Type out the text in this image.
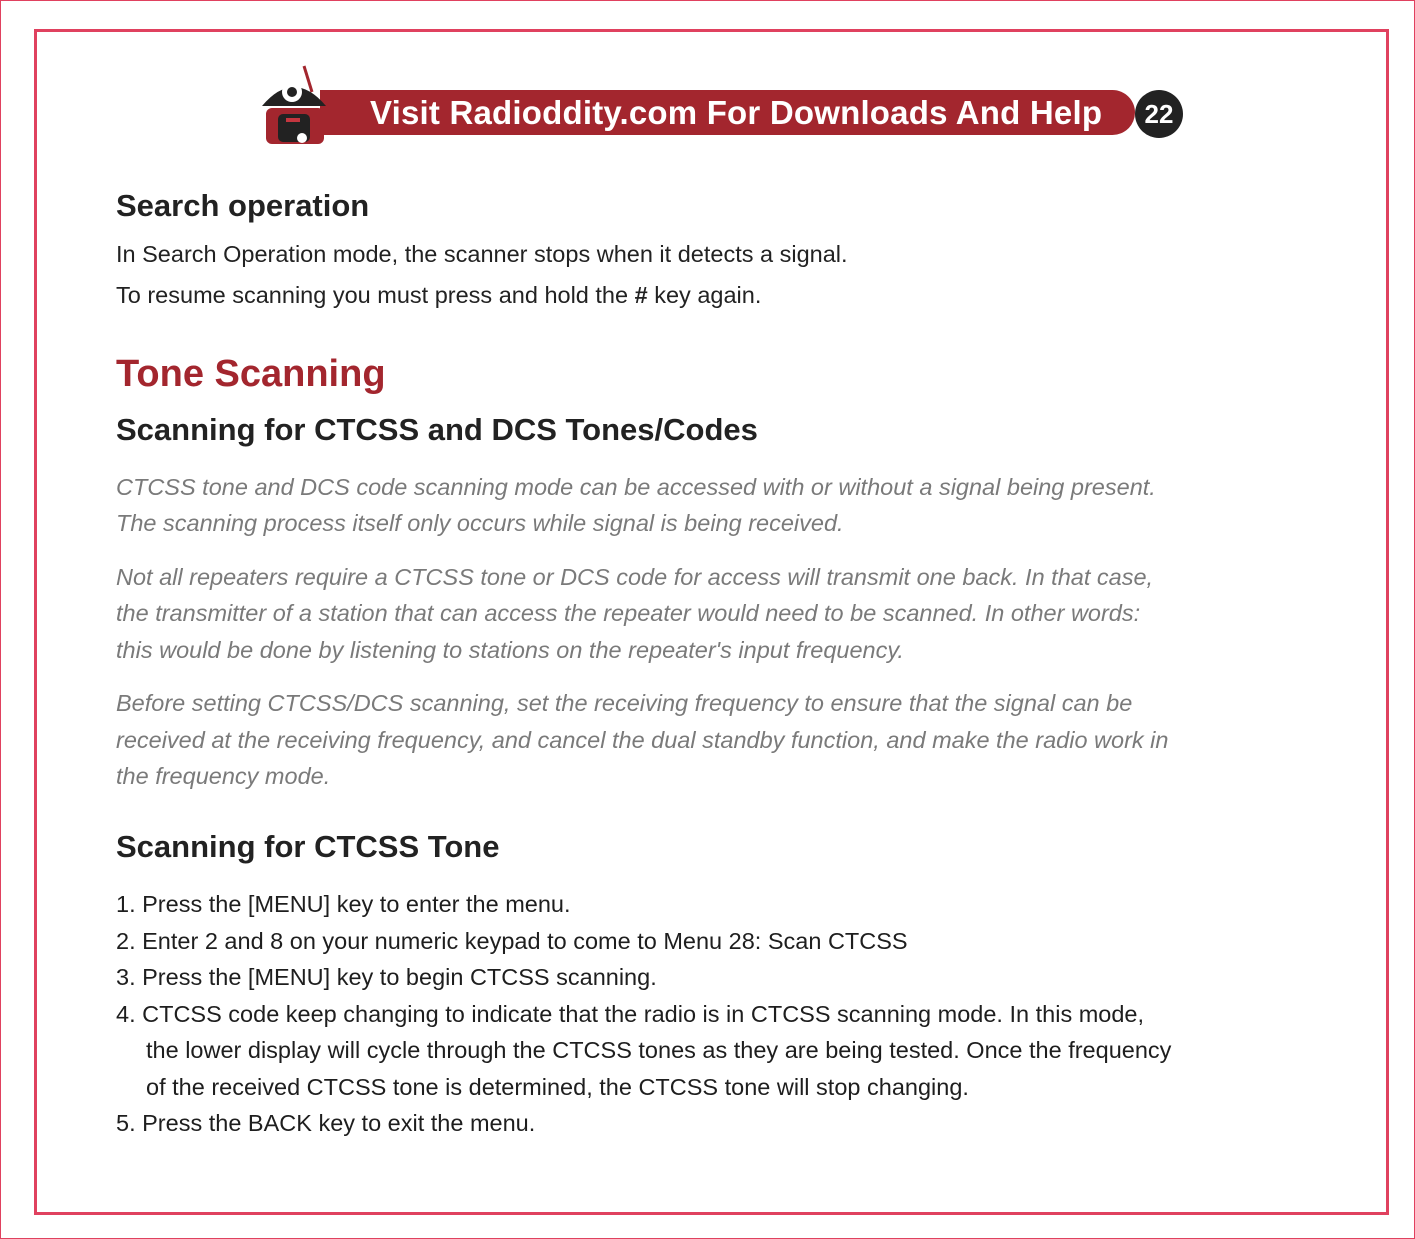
Visit Radioddity.com For Downloads And Help	22
Search operation

In Search Operation mode, the scanner stops when it detects a signal.

To resume scanning you must press and hold the # key again.

Tone Scanning
Scanning for CTCSS and DCS Tones/Codes

CTCSS tone and DCS code scanning mode can be accessed with or without a signal being present.

The scanning process itself only occurs while signal is being received.

Not all repeaters require a CTCSS tone or DCS code for access will transmit one back. In that case,

the transmitter of a station that can access the repeater would need to be scanned. In other words:

this would be done by listening to stations on the repeater's input frequency.

Before setting CTCSS/DCS scanning, set the receiving frequency to ensure that the signal can be

received at the receiving frequency, and cancel the dual standby function, and make the radio work in

the frequency mode.

Scanning for CTCSS Tone
1. Press the [MENU] key to enter the menu.
2. Enter 2 and 8 on your numeric keypad to come to Menu 28: Scan CTCSS
3. Press the [MENU] key to begin CTCSS scanning.
4. CTCSS code keep changing to indicate that the radio is in CTCSS scanning mode. In this mode,
the lower display will cycle through the CTCSS tones as they are being tested. Once the frequency
of the received CTCSS tone is determined, the CTCSS tone will stop changing.
5. Press the BACK key to exit the menu.
